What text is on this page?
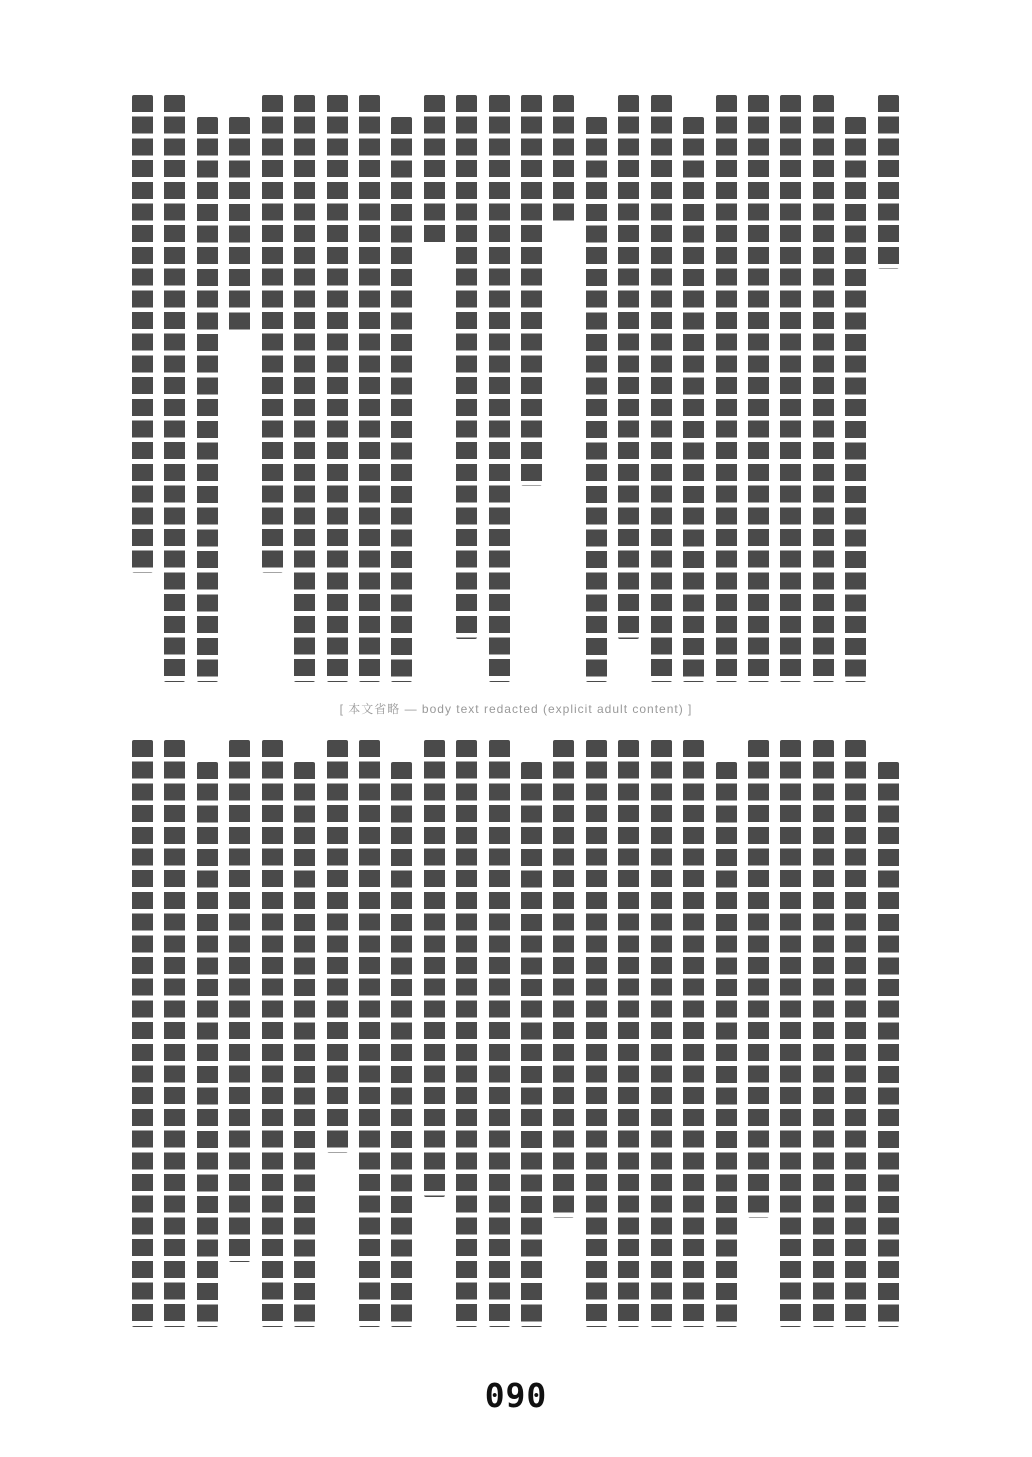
[ 本文省略 — body text redacted (explicit adult content) ]
090
